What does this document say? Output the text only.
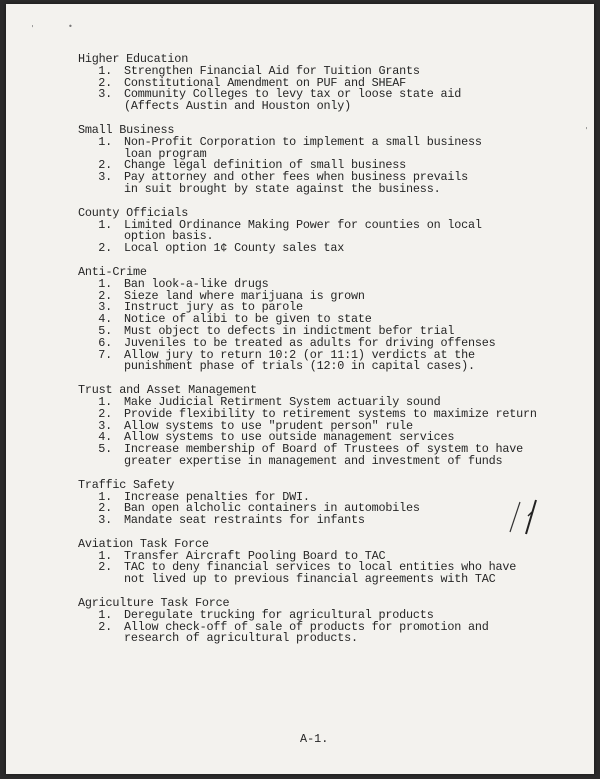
'	•
'
Higher Education
1.	Strengthen Financial Aid for Tuition Grants
2.	Constitutional Amendment on PUF and SHEAF
3.	Community Colleges to levy tax or loose state aid
(Affects Austin and Houston only)
Small Business
1.	Non-Profit Corporation to implement a small business
loan program
2.	Change legal definition of small business
3.	Pay attorney and other fees when business prevails
in suit brought by state against the business.
County Officials
1.	Limited Ordinance Making Power for counties on local
option basis.
2.	Local option 1¢ County sales tax
Anti-Crime
1.	Ban look-a-like drugs
2.	Sieze land where marijuana is grown
3.	Instruct jury as to parole
4.	Notice of alibi to be given to state
5.	Must object to defects in indictment befor trial
6.	Juveniles to be treated as adults for driving offenses
7.	Allow jury to return 10:2 (or 11:1) verdicts at the
punishment phase of trials (12:0 in capital cases).
Trust and Asset Management
1.	Make Judicial Retirment System actuarily sound
2.	Provide flexibility to retirement systems to maximize return
3.	Allow systems to use "prudent person" rule
4.	Allow systems to use outside management services
5.	Increase membership of Board of Trustees of system to have
greater expertise in management and investment of funds
Traffic Safety
1.	Increase penalties for DWI.
2.	Ban open alcholic containers in automobiles
3.	Mandate seat restraints for infants
Aviation Task Force
1.	Transfer Aircraft Pooling Board to TAC
2.	TAC to deny financial services to local entities who have
not lived up to previous financial agreements with TAC
Agriculture Task Force
1.	Deregulate trucking for agricultural products
2.	Allow check-off of sale of products for promotion and
research of agricultural products.
A-1.
